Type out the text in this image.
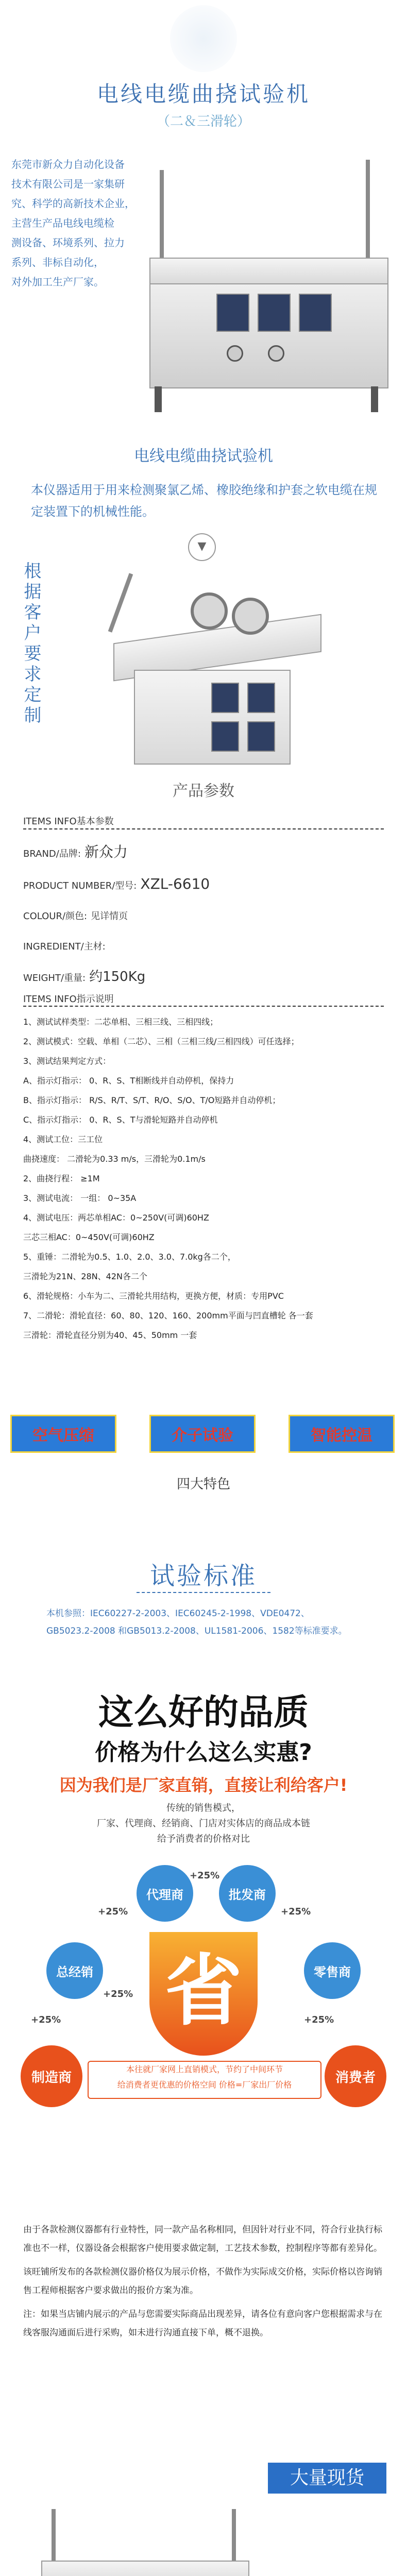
电线电缆曲挠试验机
（二＆三滑轮）
东莞市新众力自动化设备
技术有限公司是一家集研
究、科学的高新技术企业，
主营生产品电线电缆检
测设备、环境系列、拉力
系列、非标自动化，
对外加工生产厂家。
电线电缆曲挠试验机
本仪器适用于用来检测聚氯乙烯、橡胶绝缘和护套之软电缆在规定装置下的机械性能。
▼
根据客户要求定制
产品参数
ITEMS INFO基本参数
BRAND/品牌: 新众力
PRODUCT NUMBER/型号: XZL-6610
COLOUR/颜色: 见详情页
INGREDIENT/主材:
WEIGHT/重量: 约150Kg
ITEMS INFO指示说明
1、测试试样类型：二芯单相、三相三线、三相四线；
2、测试模式：空载、单相（二芯）、三相（三相三线/三相四线）可任选择；
3、测试结果判定方式：
A、指示灯指示： 0、R、S、T相断线并自动停机，保持力
B、指示灯指示： R/S、R/T、S/T、R/O、S/O、T/O短路并自动停机；
C、指示灯指示： 0、R、S、T与滑轮短路并自动停机
4、测试工位：三工位
曲挠速度： 二滑轮为0.33 m/s，三滑轮为0.1m/s
2、曲挠行程： ≥1M
3、测试电流： 一组： 0~35A
4、测试电压：两芯单相AC：0~250V(可调)60HZ
三芯三相AC：0~450V(可调)60HZ
5、重锤：二滑轮为0.5、1.0、2.0、3.0、7.0kg各二个，
三滑轮为21N、28N、42N各二个
6、滑轮规格：小车为二、三滑轮共用结构，更换方便，材质：专用PVC
7、二滑轮：滑轮直径：60、80、120、160、200mm平面与凹直槽轮 各一套
三滑轮：滑轮直径分别为40、45、50mm 一套
空气压缩	介子试验	智能控温
四大特色
试验标准
本机参照：IEC60227-2-2003、IEC60245-2-1998、VDE0472、
GB5023.2-2008 和GB5013.2-2008、UL1581-2006、1582等标准要求。
这么好的品质
价格为什么这么实惠?
因为我们是厂家直销，直接让利给客户!
传统的销售模式，
厂家、代理商、经销商、门店对实体店的商品成本链
给予消费者的价格对比
代理商	批发商
总经销	零售商
制造商	消费者
省
+25%
+25%
+25%
+25%
+25%
+25%
本往就厂家网上直销模式，节约了中间环节
给消费者更优惠的价格空间 价格=厂家出厂价格

由于各款检测仪器都有行业特性，同一款产品名称相同，但因针对行业不同，符合行业执行标准也不一样，仪器设备会根据客户使用要求做定制，工艺技术参数，控制程序等都有差异化。

该旺铺所发布的各款检测仪器价格仅为展示价格，不做作为实际成交价格，实际价格以咨询销售工程师根据客户要求做出的报价方案为准。

注：如果当店铺内展示的产品与您需要实际商品出现差异，请各位有意向客户您根据需求与在线客服沟通面后进行采购，如未进行沟通直接下单，概不退换。

大量现货
